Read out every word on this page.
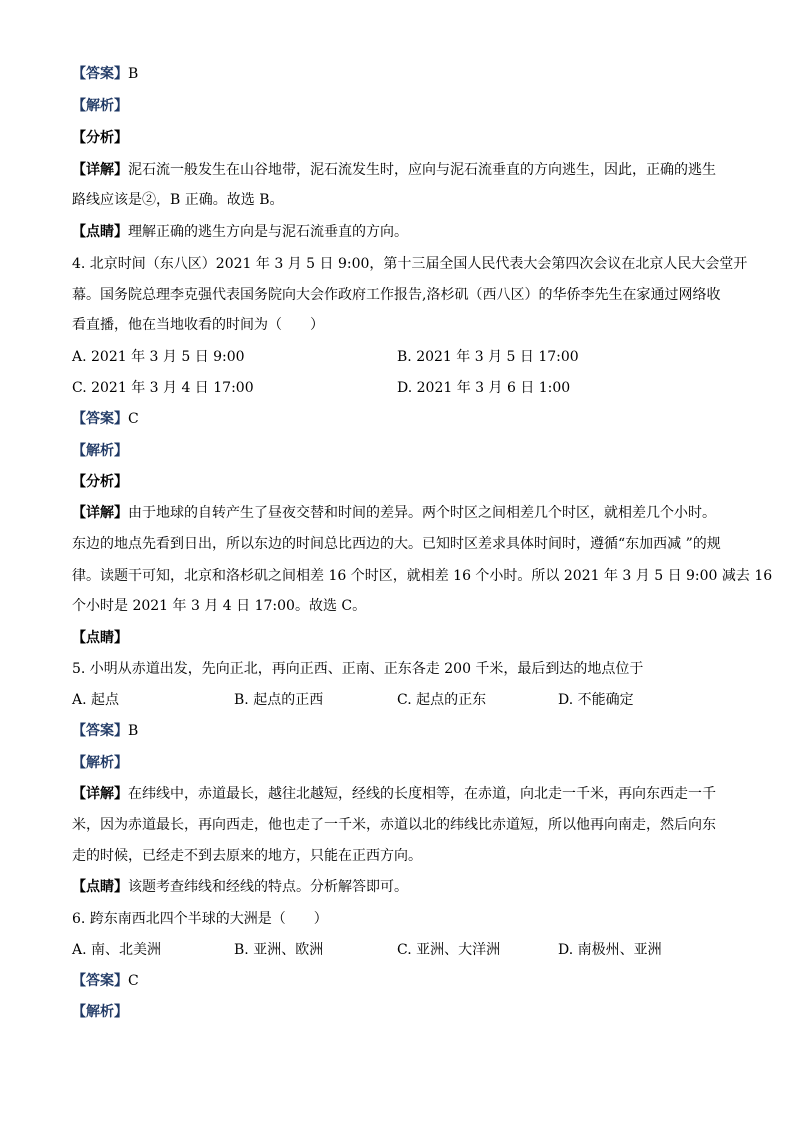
【答案】B
【解析】
【分析】
【详解】泥石流一般发生在山谷地带，泥石流发生时，应向与泥石流垂直的方向逃生，因此，正确的逃生
路线应该是②，B 正确。故选 B。
【点睛】理解正确的逃生方向是与泥石流垂直的方向。
4. 北京时间（东八区）2021 年 3 月 5 日 9:00，第十三届全国人民代表大会第四次会议在北京人民大会堂开
幕。国务院总理李克强代表国务院向大会作政府工作报告,洛杉矶（西八区）的华侨李先生在家通过网络收
看直播，他在当地收看的时间为（　　）
A. 2021 年 3 月 5 日 9:00	B. 2021 年 3 月 5 日 17:00
C. 2021 年 3 月 4 日 17:00	D. 2021 年 3 月 6 日 1:00
【答案】C
【解析】
【分析】
【详解】由于地球的自转产生了昼夜交替和时间的差异。两个时区之间相差几个时区，就相差几个小时。
东边的地点先看到日出，所以东边的时间总比西边的大。已知时区差求具体时间时，遵循“东加西减 ”的规
律。读题干可知，北京和洛杉矶之间相差 16 个时区，就相差 16 个小时。所以 2021 年 3 月 5 日 9:00 减去 16
个小时是 2021 年 3 月 4 日 17:00。故选 C。
【点睛】
5. 小明从赤道出发，先向正北，再向正西、正南、正东各走 200 千米，最后到达的地点位于
A. 起点	B. 起点的正西	C. 起点的正东	D. 不能确定
【答案】B
【解析】
【详解】在纬线中，赤道最长，越往北越短，经线的长度相等，在赤道，向北走一千米，再向东西走一千
米，因为赤道最长，再向西走，他也走了一千米，赤道以北的纬线比赤道短，所以他再向南走，然后向东
走的时候，已经走不到去原来的地方，只能在正西方向。
【点睛】该题考查纬线和经线的特点。分析解答即可。
6. 跨东南西北四个半球的大洲是（　　）
A. 南、北美洲	B. 亚洲、欧洲	C. 亚洲、大洋洲	D. 南极州、亚洲
【答案】C
【解析】
